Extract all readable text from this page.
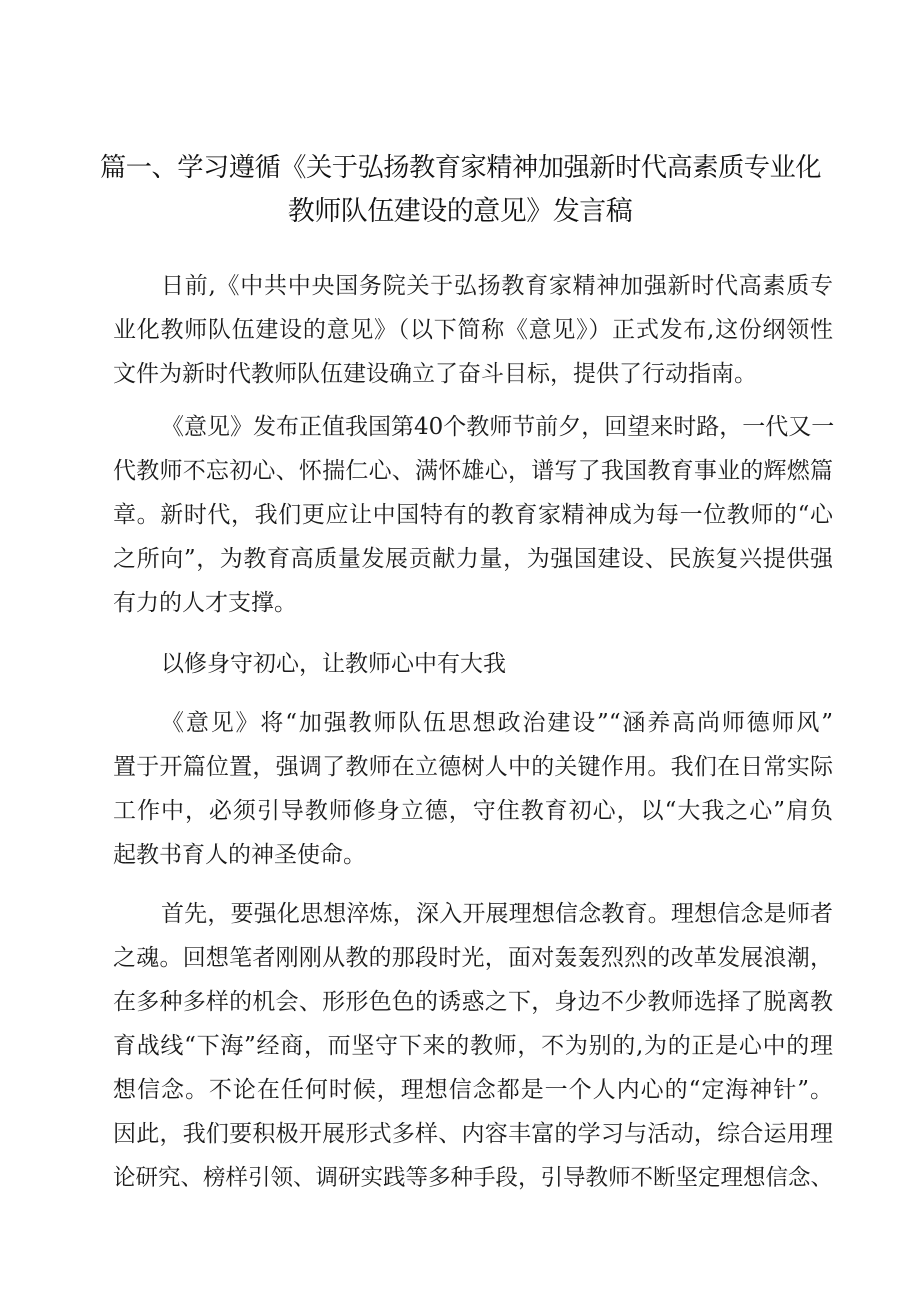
篇一、学习遵循《关于弘扬教育家精神加强新时代高素质专业化
教师队伍建设的意见》发言稿
日前,《中共中央国务院关于弘扬教育家精神加强新时代高素质专
业化教师队伍建设的意见》（以下简称《意见》）正式发布,这份纲领性
文件为新时代教师队伍建设确立了奋斗目标，提供了行动指南。
《意见》发布正值我国第40个教师节前夕，回望来时路，一代又一
代教师不忘初心、怀揣仁心、满怀雄心，谱写了我国教育事业的辉燃篇
章。新时代，我们更应让中国特有的教育家精神成为每一位教师的“心
之所向”，为教育高质量发展贡献力量，为强国建设、民族复兴提供强
有力的人才支撑。
以修身守初心，让教师心中有大我
《意见》将“加强教师队伍思想政治建设”“涵养高尚师德师风”
置于开篇位置，强调了教师在立德树人中的关键作用。我们在日常实际
工作中，必须引导教师修身立德，守住教育初心，以“大我之心”肩负
起教书育人的神圣使命。
首先，要强化思想淬炼，深入开展理想信念教育。理想信念是师者
之魂。回想笔者刚刚从教的那段时光，面对轰轰烈烈的改革发展浪潮，
在多种多样的机会、形形色色的诱惑之下，身边不少教师选择了脱离教
育战线“下海”经商，而坚守下来的教师，不为别的,为的正是心中的理
想信念。不论在任何时候，理想信念都是一个人内心的“定海神针”。
因此，我们要积极开展形式多样、内容丰富的学习与活动，综合运用理
论研究、榜样引领、调研实践等多种手段，引导教师不断坚定理想信念、
